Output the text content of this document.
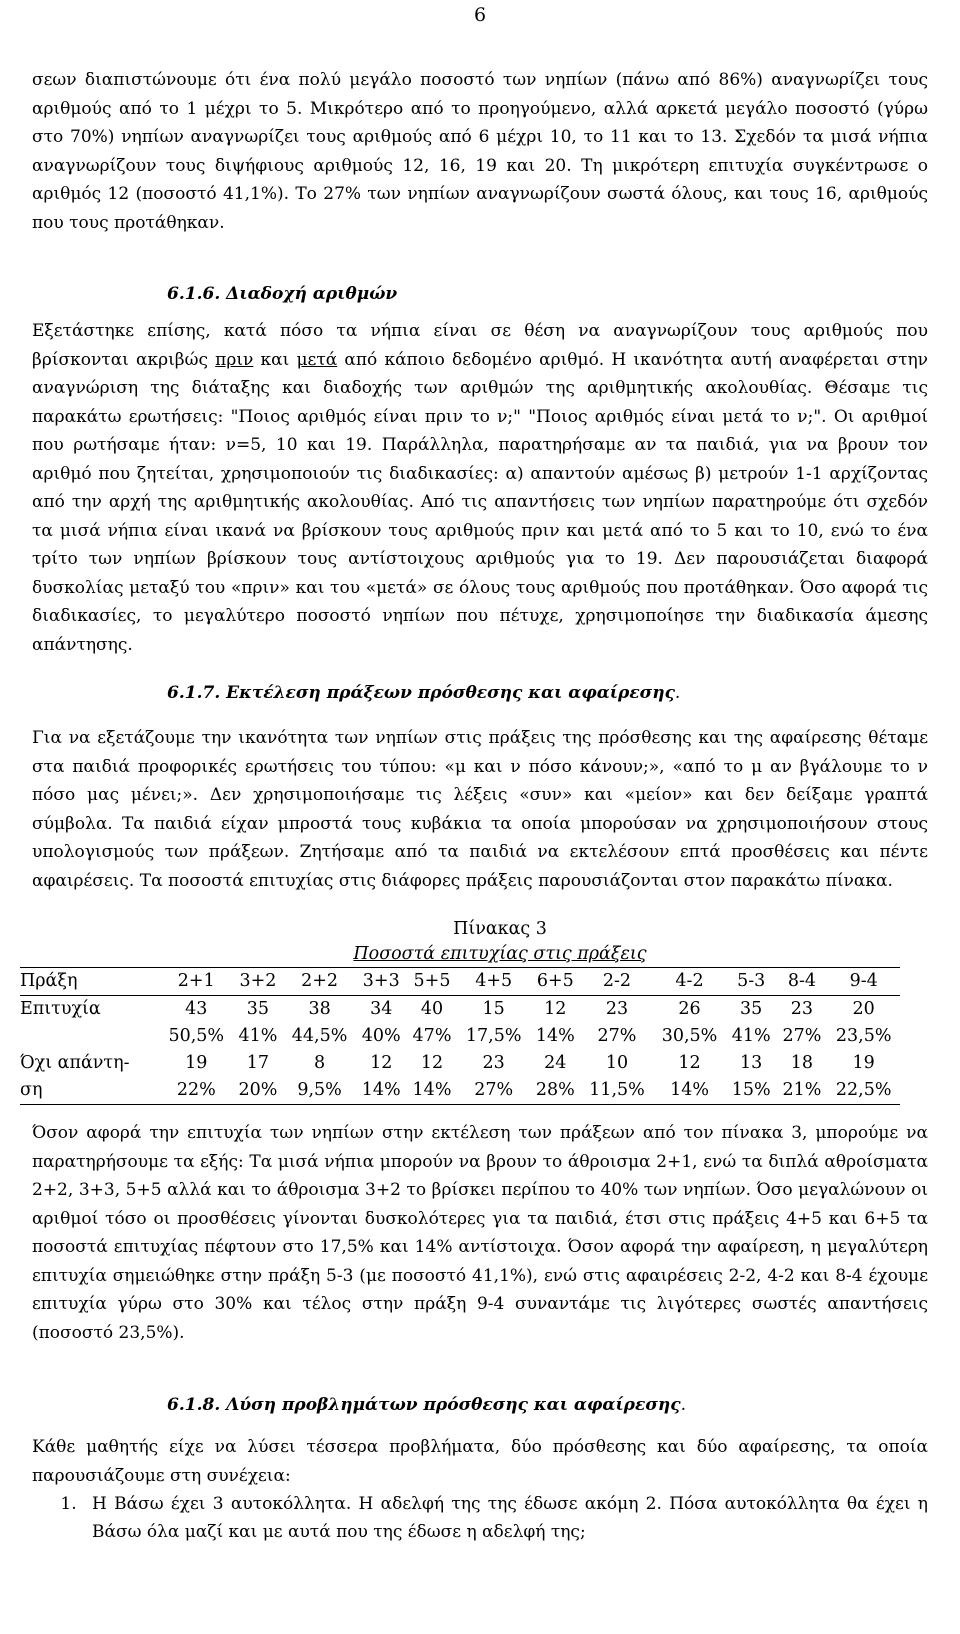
6

σεων διαπιστώνουμε ότι ένα πολύ μεγάλο ποσοστό των νηπίων (πάνω από 86%) αναγνωρίζει τους αριθμούς από το 1 μέχρι το 5. Μικρότερο από το προηγούμενο, αλλά αρκετά μεγάλο ποσοστό (γύρω στο 70%) νηπίων αναγνωρίζει τους αριθμούς από 6 μέχρι 10, το 11 και το 13. Σχεδόν τα μισά νήπια αναγνωρίζουν τους διψήφιους αριθμούς 12, 16, 19 και 20. Τη μικρότερη επιτυχία συγκέντρωσε ο αριθμός 12 (ποσοστό 41,1%). Το 27% των νηπίων αναγνωρίζουν σωστά όλους, και τους 16, αριθμούς που τους προτάθηκαν.

6.1.6. Διαδοχή αριθμών

Εξετάστηκε επίσης, κατά πόσο τα νήπια είναι σε θέση να αναγνωρίζουν τους αριθμούς που βρίσκονται ακριβώς πριν και μετά από κάποιο δεδομένο αριθμό. Η ικανότητα αυτή αναφέρεται στην αναγνώριση της διάταξης και διαδοχής των αριθμών της αριθμητικής ακολουθίας. Θέσαμε τις παρακάτω ερωτήσεις: "Ποιος αριθμός είναι πριν το ν;" "Ποιος αριθμός είναι μετά το ν;". Οι αριθμοί που ρωτήσαμε ήταν: ν=5, 10 και 19. Παράλληλα, παρατηρήσαμε αν τα παιδιά, για να βρουν τον αριθμό που ζητείται, χρησιμοποιούν τις διαδικασίες: α) απαντούν αμέσως β) μετρούν 1-1 αρχίζοντας από την αρχή της αριθμητικής ακολουθίας. Από τις απαντήσεις των νηπίων παρατηρούμε ότι σχεδόν τα μισά νήπια είναι ικανά να βρίσκουν τους αριθμούς πριν και μετά από το 5 και το 10, ενώ το ένα τρίτο των νηπίων βρίσκουν τους αντίστοιχους αριθμούς για το 19. Δεν παρουσιάζεται διαφορά δυσκολίας μεταξύ του «πριν» και του «μετά» σε όλους τους αριθμούς που προτάθηκαν. Όσο αφορά τις διαδικασίες, το μεγαλύτερο ποσοστό νηπίων που πέτυχε, χρησιμοποίησε την διαδικασία άμεσης απάντησης.

6.1.7. Εκτέλεση πράξεων πρόσθεσης και αφαίρεσης.

Για να εξετάζουμε την ικανότητα των νηπίων στις πράξεις της πρόσθεσης και της αφαίρεσης θέταμε στα παιδιά προφορικές ερωτήσεις του τύπου: «μ και ν πόσο κάνουν;», «από το μ αν βγάλουμε το ν πόσο μας μένει;». Δεν χρησιμοποιήσαμε τις λέξεις «συν» και «μείον» και δεν δείξαμε γραπτά σύμβολα. Τα παιδιά είχαν μπροστά τους κυβάκια τα οποία μπορούσαν να χρησιμοποιήσουν στους υπολογισμούς των πράξεων. Ζητήσαμε από τα παιδιά να εκτελέσουν επτά προσθέσεις και πέντε αφαιρέσεις. Τα ποσοστά επιτυχίας στις διάφορες πράξεις παρουσιάζονται στον παρακάτω πίνακα.

Πίνακας 3
Ποσοστά επιτυχίας στις πράξεις
Πράξη	2+1	3+2	2+2	3+3	5+5	4+5	6+5	2-2	4-2	5-3	8-4	9-4
Επιτυχία	43	35	38	34	40	15	12	23	26	35	23	20
	50,5%	41%	44,5%	40%	47%	17,5%	14%	27%	30,5%	41%	27%	23,5%
Όχι απάντη-	19	17	8	12	12	23	24	10	12	13	18	19
ση	22%	20%	9,5%	14%	14%	27%	28%	11,5%	14%	15%	21%	22,5%

Όσον αφορά την επιτυχία των νηπίων στην εκτέλεση των πράξεων από τον πίνακα 3, μπορούμε να παρατηρήσουμε τα εξής: Τα μισά νήπια μπορούν να βρουν το άθροισμα 2+1, ενώ τα διπλά αθροίσματα 2+2, 3+3, 5+5 αλλά και το άθροισμα 3+2 το βρίσκει περίπου το 40% των νηπίων. Όσο μεγαλώνουν οι αριθμοί τόσο οι προσθέσεις γίνονται δυσκολότερες για τα παιδιά, έτσι στις πράξεις 4+5 και 6+5 τα ποσοστά επιτυχίας πέφτουν στο 17,5% και 14% αντίστοιχα. Όσον αφορά την αφαίρεση, η μεγαλύτερη επιτυχία σημειώθηκε στην πράξη 5-3 (με ποσοστό 41,1%), ενώ στις αφαιρέσεις 2-2, 4-2 και 8-4 έχουμε επιτυχία γύρω στο 30% και τέλος στην πράξη 9-4 συναντάμε τις λιγότερες σωστές απαντήσεις (ποσοστό 23,5%).

6.1.8. Λύση προβλημάτων πρόσθεσης και αφαίρεσης.

Κάθε μαθητής είχε να λύσει τέσσερα προβλήματα, δύο πρόσθεσης και δύο αφαίρεσης, τα οποία παρουσιάζουμε στη συνέχεια:

1. Η Βάσω έχει 3 αυτοκόλλητα. Η αδελφή της της έδωσε ακόμη 2. Πόσα αυτοκόλλητα θα έχει η Βάσω όλα μαζί και με αυτά που της έδωσε η αδελφή της;
